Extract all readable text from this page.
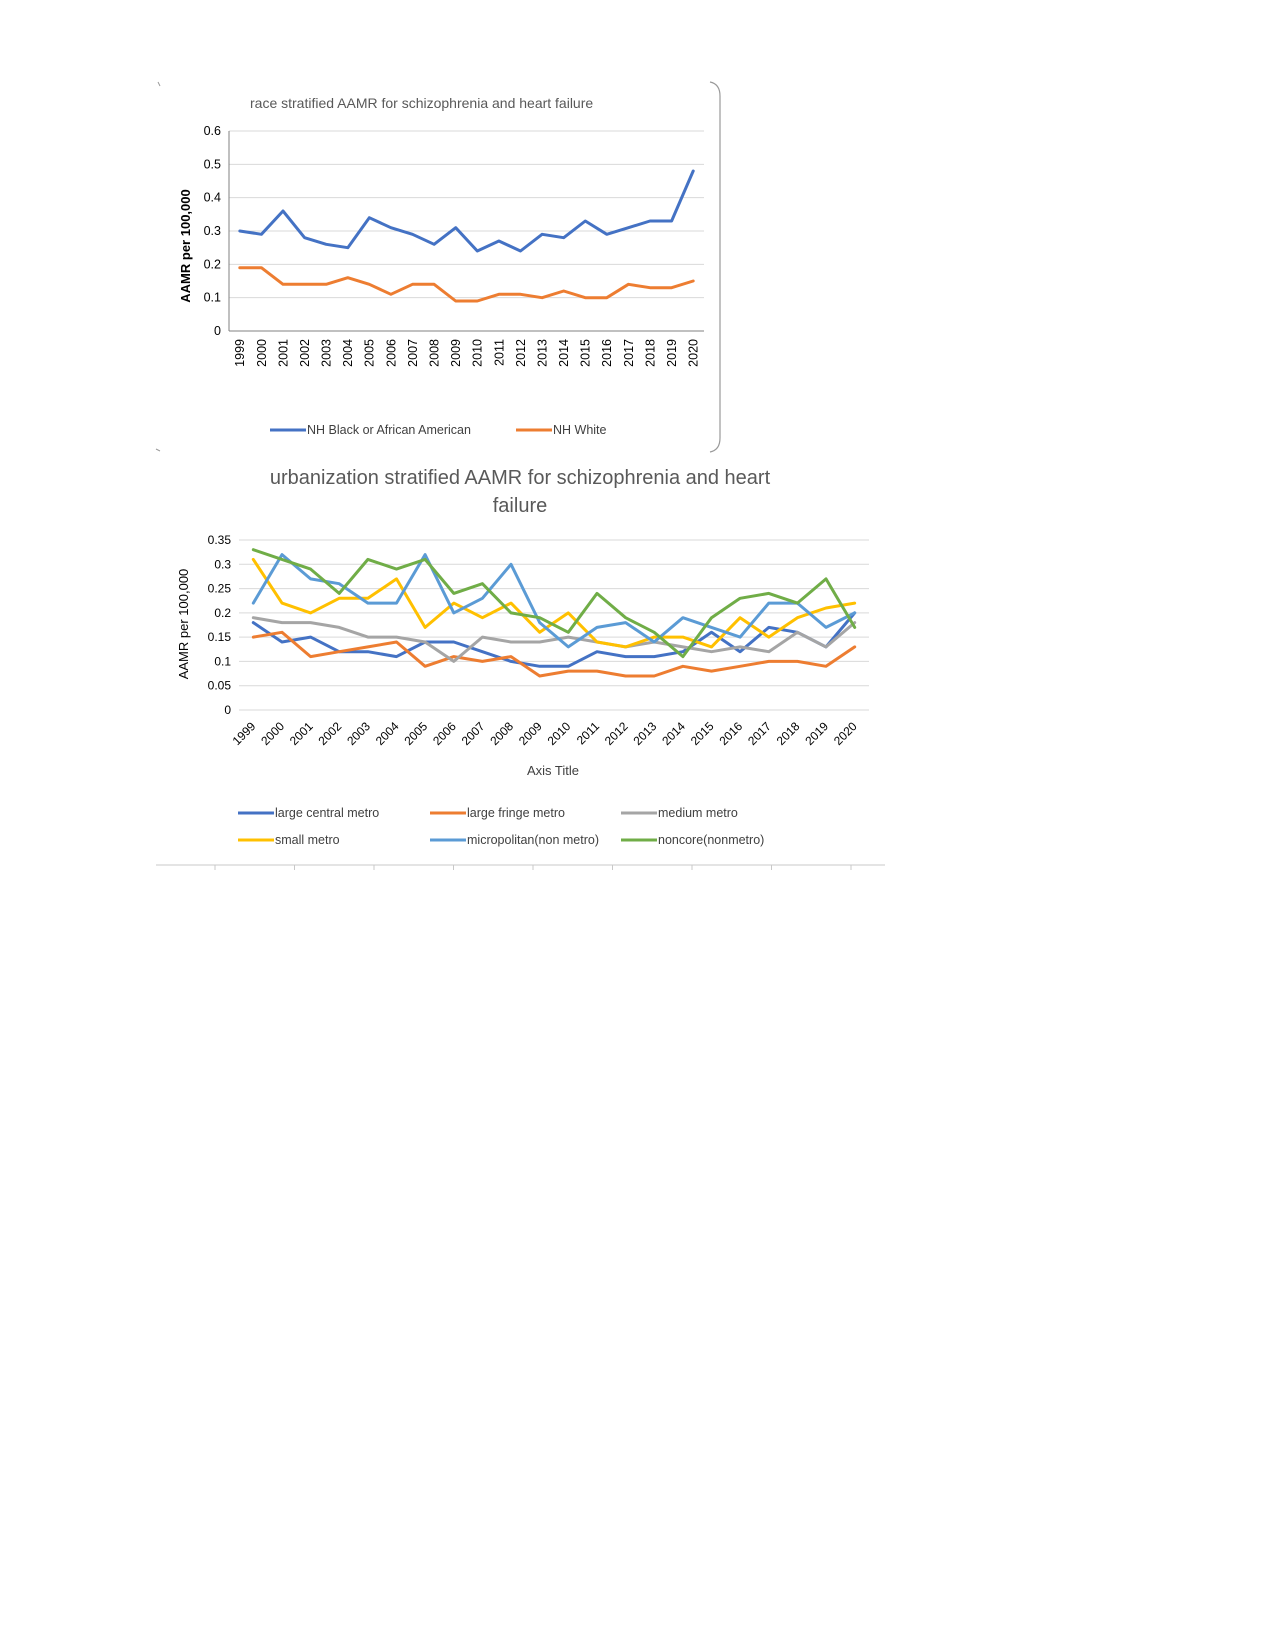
race stratified AAMR for schizophrenia and heart failure
AAMR per 100,000
0
0.1
0.2
0.3
0.4
0.5
0.6
1999 2000 2001 2002 2003 2004 2005 2006 2007 2008 2009 2010 2011 2012 2013 2014 2015 2016 2017 2018 2019 2020
NH Black or African American	NH White
urbanization stratified AAMR for schizophrenia and heart
failure
AAMR per 100,000
Axis Title
0
0.05
0.1
0.15
0.2
0.25
0.3
0.35
1999 2000 2001 2002 2003 2004 2005 2006 2007 2008 2009 2010 2011 2012 2013 2014 2015 2016 2017 2018 2019 2020
large central metro	large fringe metro	medium metro
small metro	micropolitan(non metro)	noncore(nonmetro)
